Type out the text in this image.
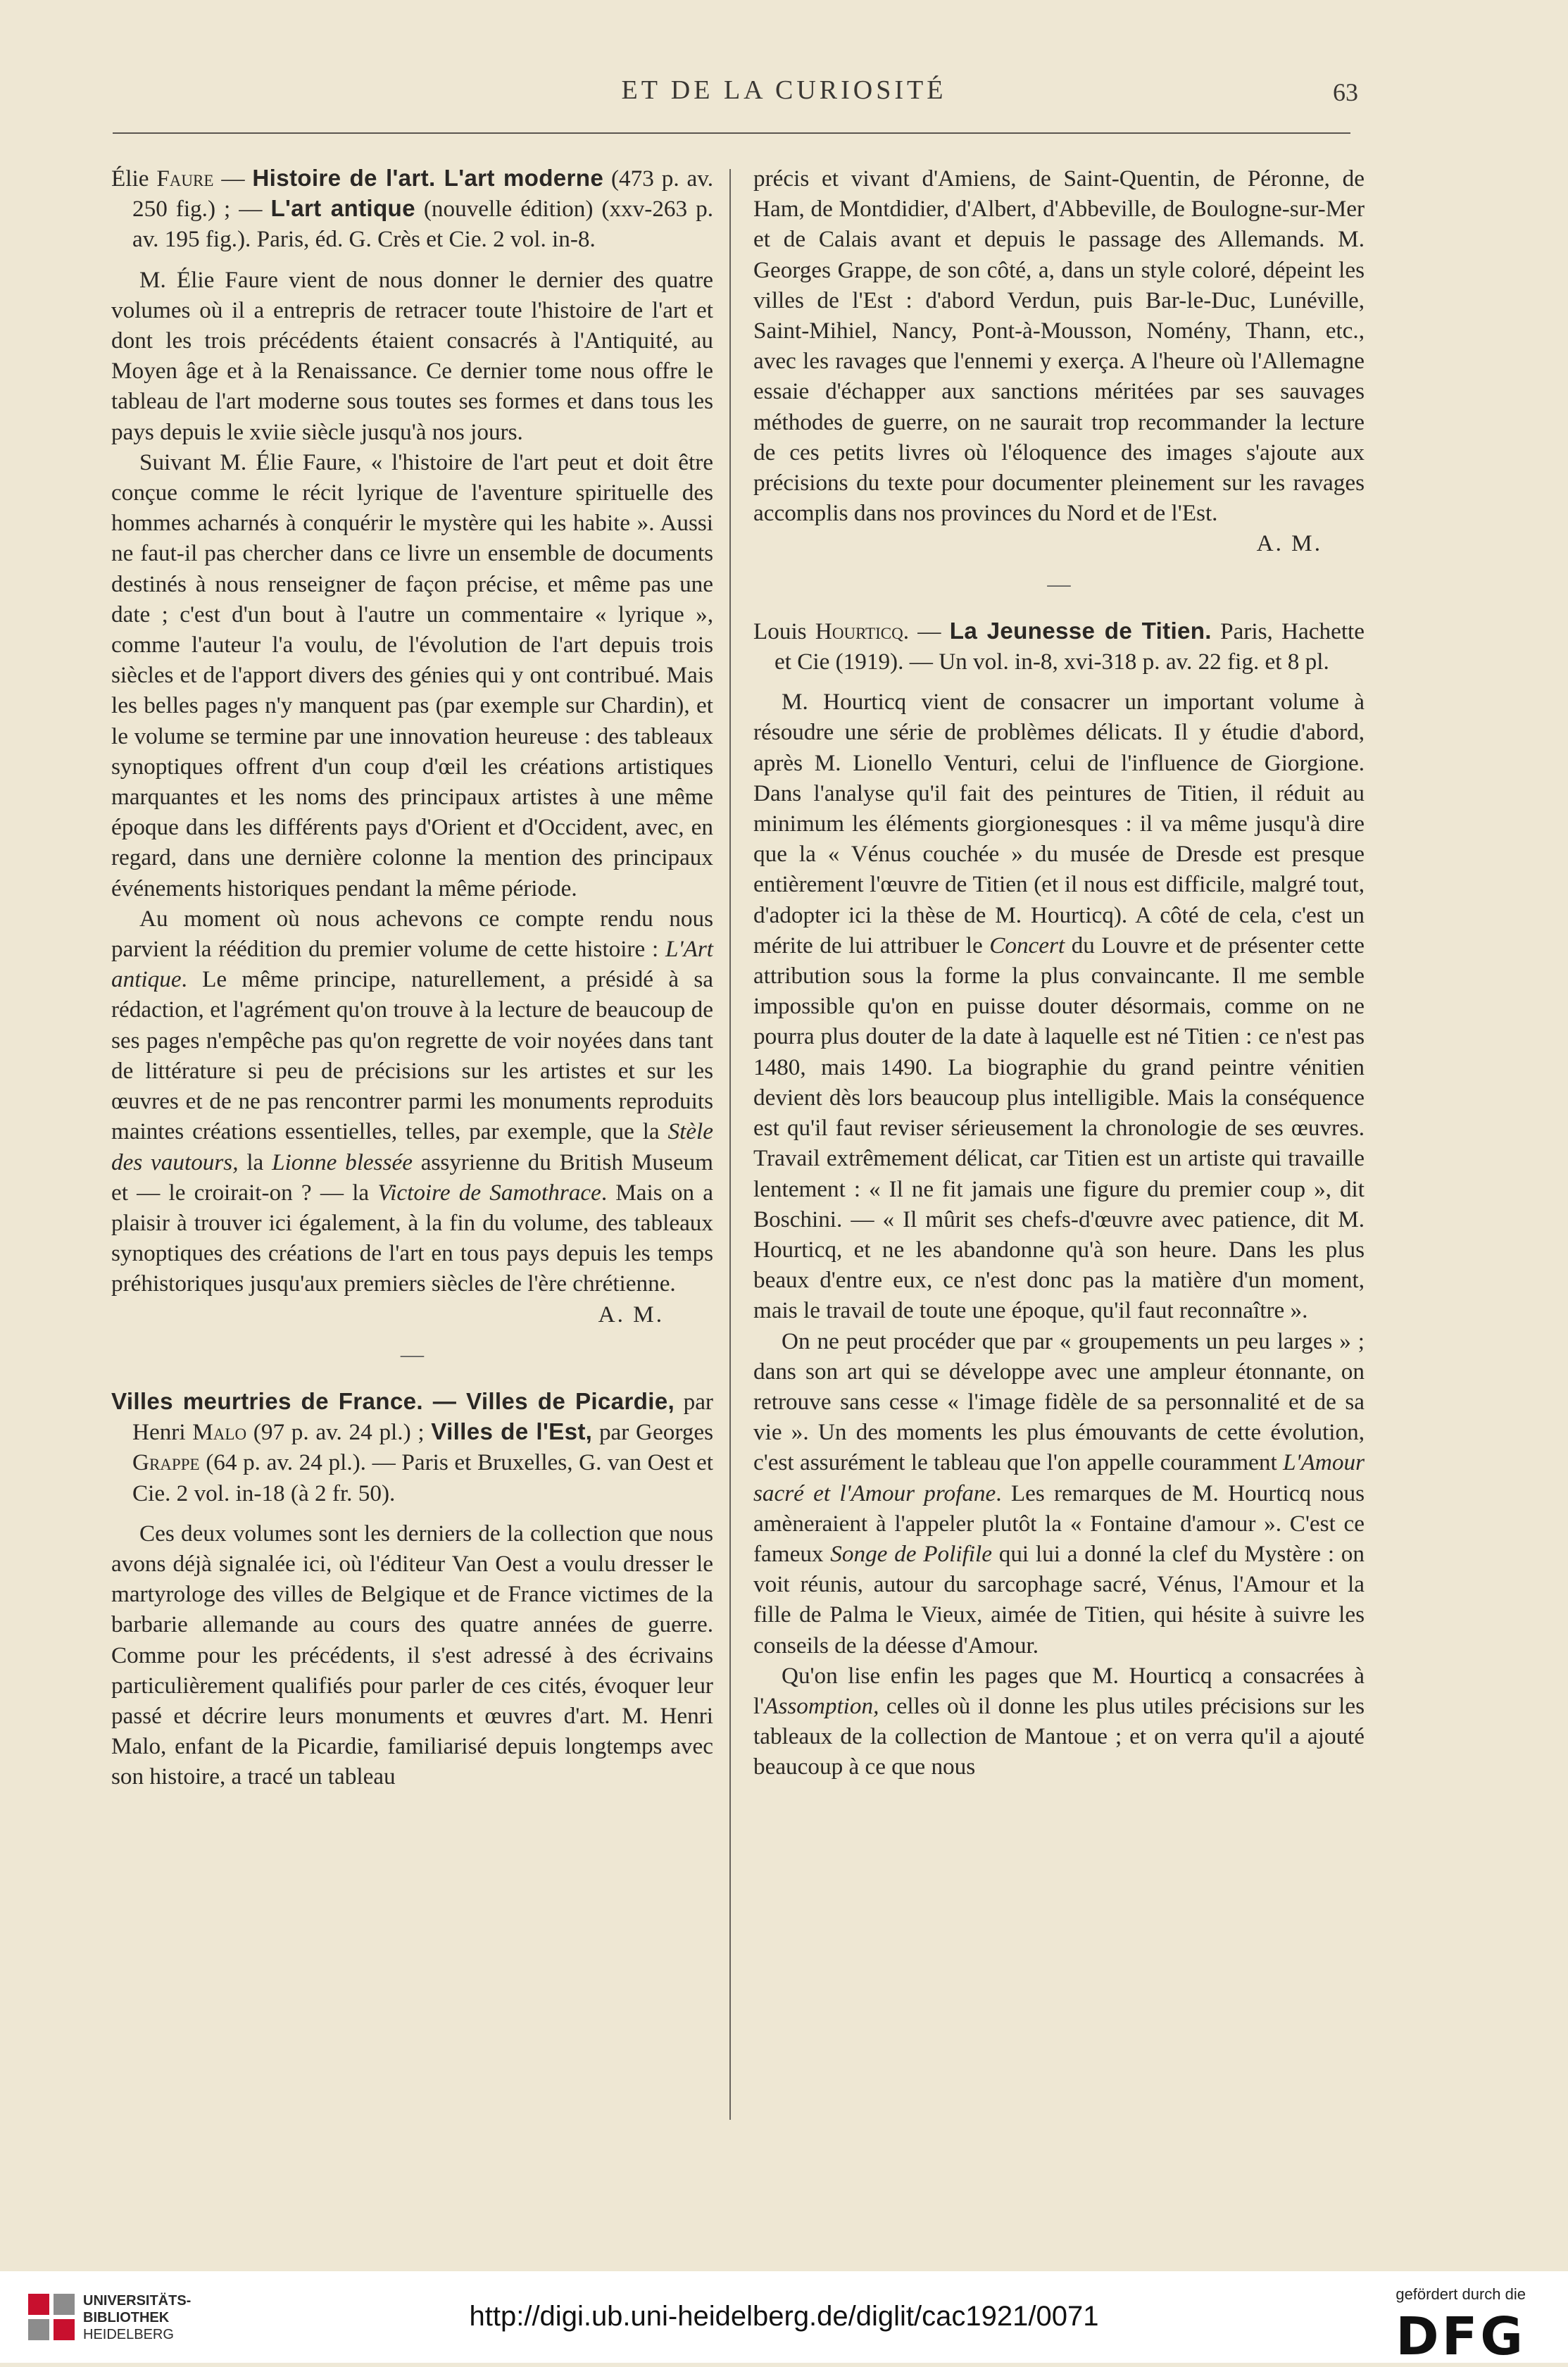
ET DE LA CURIOSITÉ	63

Élie Faure — Histoire de l'art. L'art moderne (473 p. av. 250 fig.) ; — L'art antique (nouvelle édition) (xxv-263 p. av. 195 fig.). Paris, éd. G. Crès et Cie. 2 vol. in-8.

M. Élie Faure vient de nous donner le dernier des quatre volumes où il a entrepris de retracer toute l'histoire de l'art et dont les trois précédents étaient consacrés à l'Antiquité, au Moyen âge et à la Renaissance. Ce dernier tome nous offre le tableau de l'art moderne sous toutes ses formes et dans tous les pays depuis le xviie siècle jusqu'à nos jours.

Suivant M. Élie Faure, « l'histoire de l'art peut et doit être conçue comme le récit lyrique de l'aventure spirituelle des hommes acharnés à conquérir le mystère qui les habite ». Aussi ne faut-il pas chercher dans ce livre un ensemble de documents destinés à nous renseigner de façon précise, et même pas une date ; c'est d'un bout à l'autre un commentaire « lyrique », comme l'auteur l'a voulu, de l'évolution de l'art depuis trois siècles et de l'apport divers des génies qui y ont contribué. Mais les belles pages n'y manquent pas (par exemple sur Chardin), et le volume se termine par une innovation heureuse : des tableaux synoptiques offrent d'un coup d'œil les créations artistiques marquantes et les noms des principaux artistes à une même époque dans les différents pays d'Orient et d'Occident, avec, en regard, dans une dernière colonne la mention des principaux événements historiques pendant la même période.

Au moment où nous achevons ce compte rendu nous parvient la réédition du premier volume de cette histoire : L'Art antique. Le même principe, naturellement, a présidé à sa rédaction, et l'agrément qu'on trouve à la lecture de beaucoup de ses pages n'empêche pas qu'on regrette de voir noyées dans tant de littérature si peu de précisions sur les artistes et sur les œuvres et de ne pas rencontrer parmi les monuments reproduits maintes créations essentielles, telles, par exemple, que la Stèle des vautours, la Lionne blessée assyrienne du British Museum et — le croirait-on ? — la Victoire de Samothrace. Mais on a plaisir à trouver ici également, à la fin du volume, des tableaux synoptiques des créations de l'art en tous pays depuis les temps préhistoriques jusqu'aux premiers siècles de l'ère chrétienne.

A. M.

—

Villes meurtries de France. — Villes de Picardie, par Henri Malo (97 p. av. 24 pl.) ; Villes de l'Est, par Georges Grappe (64 p. av. 24 pl.). — Paris et Bruxelles, G. van Oest et Cie. 2 vol. in-18 (à 2 fr. 50).

Ces deux volumes sont les derniers de la collection que nous avons déjà signalée ici, où l'éditeur Van Oest a voulu dresser le martyrologe des villes de Belgique et de France victimes de la barbarie allemande au cours des quatre années de guerre. Comme pour les précédents, il s'est adressé à des écrivains particulièrement qualifiés pour parler de ces cités, évoquer leur passé et décrire leurs monuments et œuvres d'art. M. Henri Malo, enfant de la Picardie, familiarisé depuis longtemps avec son histoire, a tracé un tableau

précis et vivant d'Amiens, de Saint-Quentin, de Péronne, de Ham, de Montdidier, d'Albert, d'Abbeville, de Boulogne-sur-Mer et de Calais avant et depuis le passage des Allemands. M. Georges Grappe, de son côté, a, dans un style coloré, dépeint les villes de l'Est : d'abord Verdun, puis Bar-le-Duc, Lunéville, Saint-Mihiel, Nancy, Pont-à-Mousson, Nomény, Thann, etc., avec les ravages que l'ennemi y exerça. A l'heure où l'Allemagne essaie d'échapper aux sanctions méritées par ses sauvages méthodes de guerre, on ne saurait trop recommander la lecture de ces petits livres où l'éloquence des images s'ajoute aux précisions du texte pour documenter pleinement sur les ravages accomplis dans nos provinces du Nord et de l'Est.

A. M.

—

Louis Hourticq. — La Jeunesse de Titien. Paris, Hachette et Cie (1919). — Un vol. in-8, xvi-318 p. av. 22 fig. et 8 pl.

M. Hourticq vient de consacrer un important volume à résoudre une série de problèmes délicats. Il y étudie d'abord, après M. Lionello Venturi, celui de l'influence de Giorgione. Dans l'analyse qu'il fait des peintures de Titien, il réduit au minimum les éléments giorgionesques : il va même jusqu'à dire que la « Vénus couchée » du musée de Dresde est presque entièrement l'œuvre de Titien (et il nous est difficile, malgré tout, d'adopter ici la thèse de M. Hourticq). A côté de cela, c'est un mérite de lui attribuer le Concert du Louvre et de présenter cette attribution sous la forme la plus convaincante. Il me semble impossible qu'on en puisse douter désormais, comme on ne pourra plus douter de la date à laquelle est né Titien : ce n'est pas 1480, mais 1490. La biographie du grand peintre vénitien devient dès lors beaucoup plus intelligible. Mais la conséquence est qu'il faut reviser sérieusement la chronologie de ses œuvres. Travail extrêmement délicat, car Titien est un artiste qui travaille lentement : « Il ne fit jamais une figure du premier coup », dit Boschini. — « Il mûrit ses chefs-d'œuvre avec patience, dit M. Hourticq, et ne les abandonne qu'à son heure. Dans les plus beaux d'entre eux, ce n'est donc pas la matière d'un moment, mais le travail de toute une époque, qu'il faut reconnaître ».

On ne peut procéder que par « groupements un peu larges » ; dans son art qui se développe avec une ampleur étonnante, on retrouve sans cesse « l'image fidèle de sa personnalité et de sa vie ». Un des moments les plus émouvants de cette évolution, c'est assurément le tableau que l'on appelle couramment L'Amour sacré et l'Amour profane. Les remarques de M. Hourticq nous amèneraient à l'appeler plutôt la « Fontaine d'amour ». C'est ce fameux Songe de Polifile qui lui a donné la clef du Mystère : on voit réunis, autour du sarcophage sacré, Vénus, l'Amour et la fille de Palma le Vieux, aimée de Titien, qui hésite à suivre les conseils de la déesse d'Amour.

Qu'on lise enfin les pages que M. Hourticq a consacrées à l'Assomption, celles où il donne les plus utiles précisions sur les tableaux de la collection de Mantoue ; et on verra qu'il a ajouté beaucoup à ce que nous

UNIVERSITÄTS-
BIBLIOTHEK
HEIDELBERG
http://digi.ub.uni-heidelberg.de/diglit/cac1921/0071
gefördert durch die
DFG
